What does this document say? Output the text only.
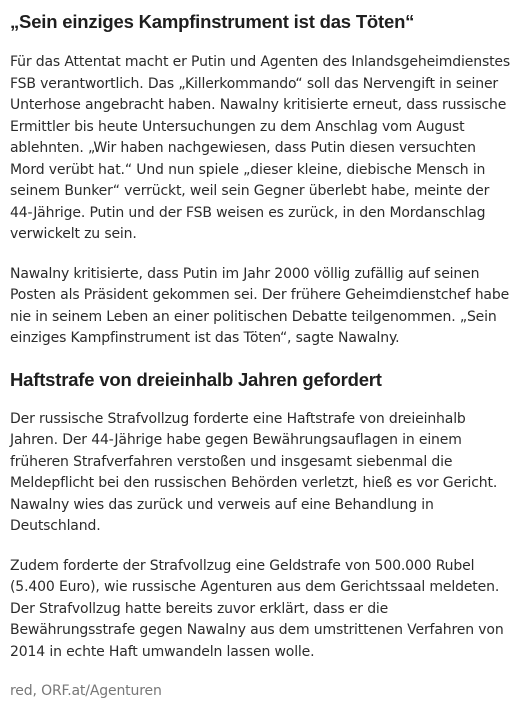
„Sein einziges Kampfinstrument ist das Töten“

Für das Attentat macht er Putin und Agenten des Inlandsgeheimdienstes FSB verantwortlich. Das „Killerkommando“ soll das Nervengift in seiner Unterhose angebracht haben. Nawalny kritisierte erneut, dass russische Ermittler bis heute Untersuchungen zu dem Anschlag vom August ablehnten. „Wir haben nachgewiesen, dass Putin diesen versuchten Mord verübt hat.“ Und nun spiele „dieser kleine, diebische Mensch in seinem Bunker“ verrückt, weil sein Gegner überlebt habe, meinte der 44-Jährige. Putin und der FSB weisen es zurück, in den Mordanschlag verwickelt zu sein.

Nawalny kritisierte, dass Putin im Jahr 2000 völlig zufällig auf seinen Posten als Präsident gekommen sei. Der frühere Geheimdienstchef habe nie in seinem Leben an einer politischen Debatte teilgenommen. „Sein einziges Kampfinstrument ist das Töten“, sagte Nawalny.

Haftstrafe von dreieinhalb Jahren gefordert

Der russische Strafvollzug forderte eine Haftstrafe von dreieinhalb Jahren. Der 44-Jährige habe gegen Bewährungsauflagen in einem früheren Strafverfahren verstoßen und insgesamt siebenmal die Meldepflicht bei den russischen Behörden verletzt, hieß es vor Gericht. Nawalny wies das zurück und verweis auf eine Behandlung in Deutschland.

Zudem forderte der Strafvollzug eine Geldstrafe von 500.000 Rubel (5.400 Euro), wie russische Agenturen aus dem Gerichtssaal meldeten. Der Strafvollzug hatte bereits zuvor erklärt, dass er die Bewährungsstrafe gegen Nawalny aus dem umstrittenen Verfahren von 2014 in echte Haft umwandeln lassen wolle.

red, ORF.at/Agenturen
